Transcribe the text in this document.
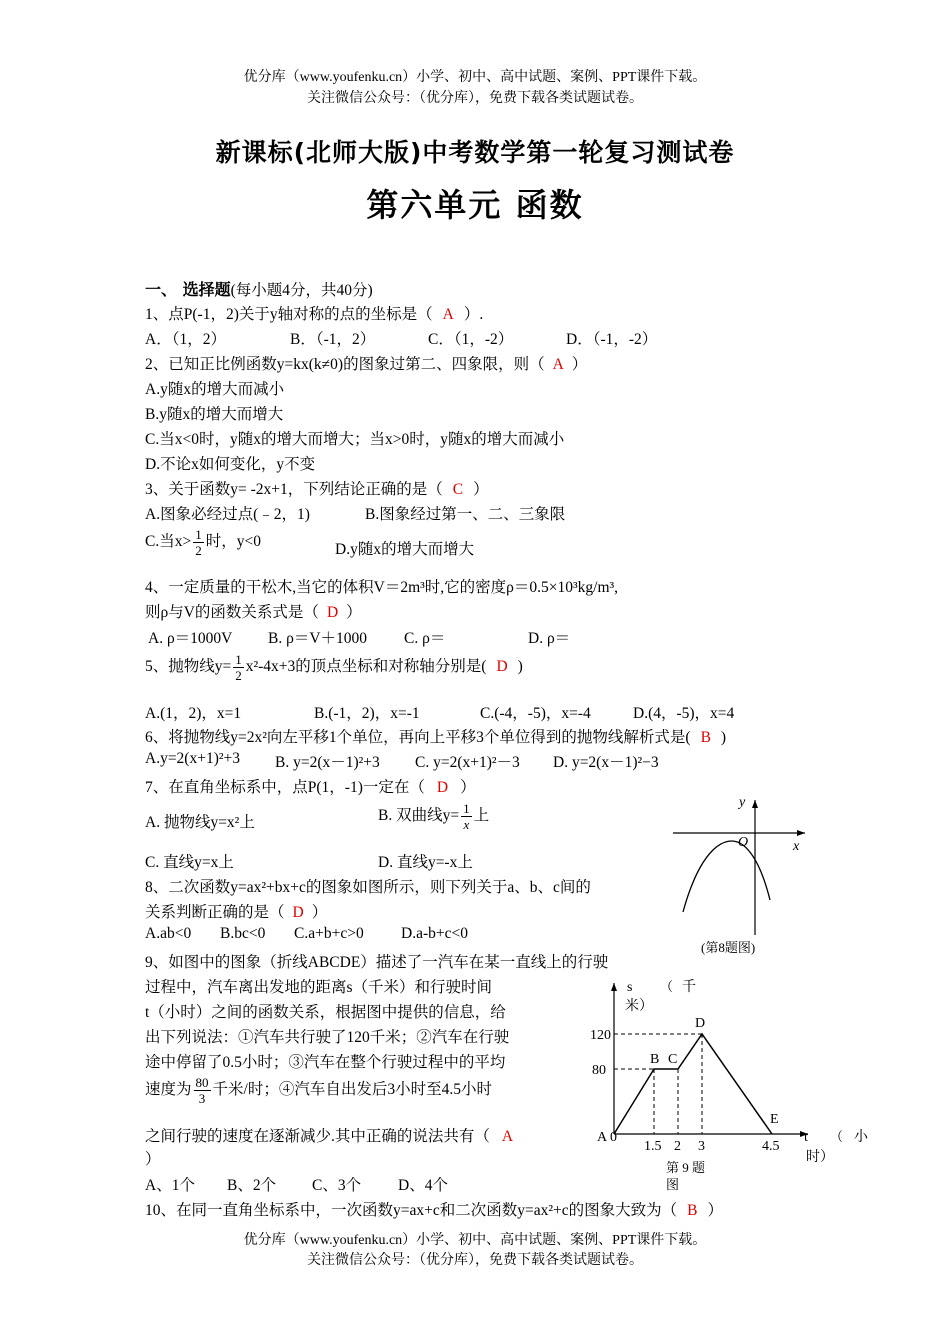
优分库（www.youfenku.cn）小学、初中、高中试题、案例、PPT课件下载。
关注微信公众号：（优分库），免费下载各类试题试卷。
新课标(北师大版)中考数学第一轮复习测试卷
第六单元 函数
一、 选择题(每小题4分，共40分)
1、点P(-1，2)关于y轴对称的点的坐标是（ A ）.
A．（1，2）	B．（-1，2）	C．（1，-2）	D．（-1，-2）
2、已知正比例函数y=kx(k≠0)的图象过第二、四象限，则（ A ）
A.y随x的增大而减小
B.y随x的增大而增大
C.当x<0时，y随x的增大而增大；当x>0时，y随x的增大而减小
D.不论x如何变化，y不变
3、关于函数y= -2x+1，下列结论正确的是（ C ）
A.图象必经过点(﹣2，1)	B.图象经过第一、二、三象限
C.当$x> \frac{1}{2}$ 时，y<0	D.y随x的增大而增大
4、一定质量的干松木,当它的体积V＝2m³时,它的密度ρ＝0.5×10³kg/m³,
则ρ与V的函数关系式是（ D ）
A. ρ＝1000V B. ρ＝V＋1000 C. ρ＝	D. ρ＝
5、抛物线$y= \frac{1}{2} x^2-4x+3$的顶点坐标和对称轴分别是( D )
A.(1，2)，x=1	B.(-1，2)，x=-1	C.(-4，-5)，x=-4	D.(4，-5)，x=4
6、将抛物线y=2x²向左平移1个单位，再向上平移3个单位得到的抛物线解析式是( B )
A.y=2(x+1)²+3 B. y=2(x－1)²+3 C. y=2(x+1)²－3 D. y=2(x－1)²−3
7、在直角坐标系中，点P(1，-1)一定在（ D ）
A. 抛物线y=x²上	B. 双曲线$y= \frac{1}{x}$ 上
C. 直线y=x上	D. 直线y=-x上
8、二次函数y=ax²+bx+c的图象如图所示，则下列关于a、b、c间的
关系判断正确的是（ D ）
A.ab<0 B.bc<0 C.a+b+c>0 D.a-b+c<0
y
x
O
(第8题图)
9、如图中的图象（折线ABCDE）描述了一汽车在某一直线上的行驶
过程中，汽车离出发地的距离s（千米）和行驶时间
t（小时）之间的函数关系，根据图中提供的信息，给
出下列说法：①汽车共行驶了120千米；②汽车在行驶
途中停留了0.5小时；③汽车在整个行驶过程中的平均
速度为 $\frac{80}{3}$ 千米/时；④汽车自出发后3小时至4.5小时
之间行驶的速度在逐渐减少.其中正确的说法共有（ A
）
A、1个 B、2个 C、3个 D、4个
s （ 千
米）
120
80
A 0
B C
D
E
1.5 2 3	4.5
t （ 小
时）
第 9 题
图
10、在同一直角坐标系中，一次函数y=ax+c和二次函数y=ax²+c的图象大致为（ B ）
优分库（www.youfenku.cn）小学、初中、高中试题、案例、PPT课件下载。
关注微信公众号：（优分库），免费下载各类试题试卷。
